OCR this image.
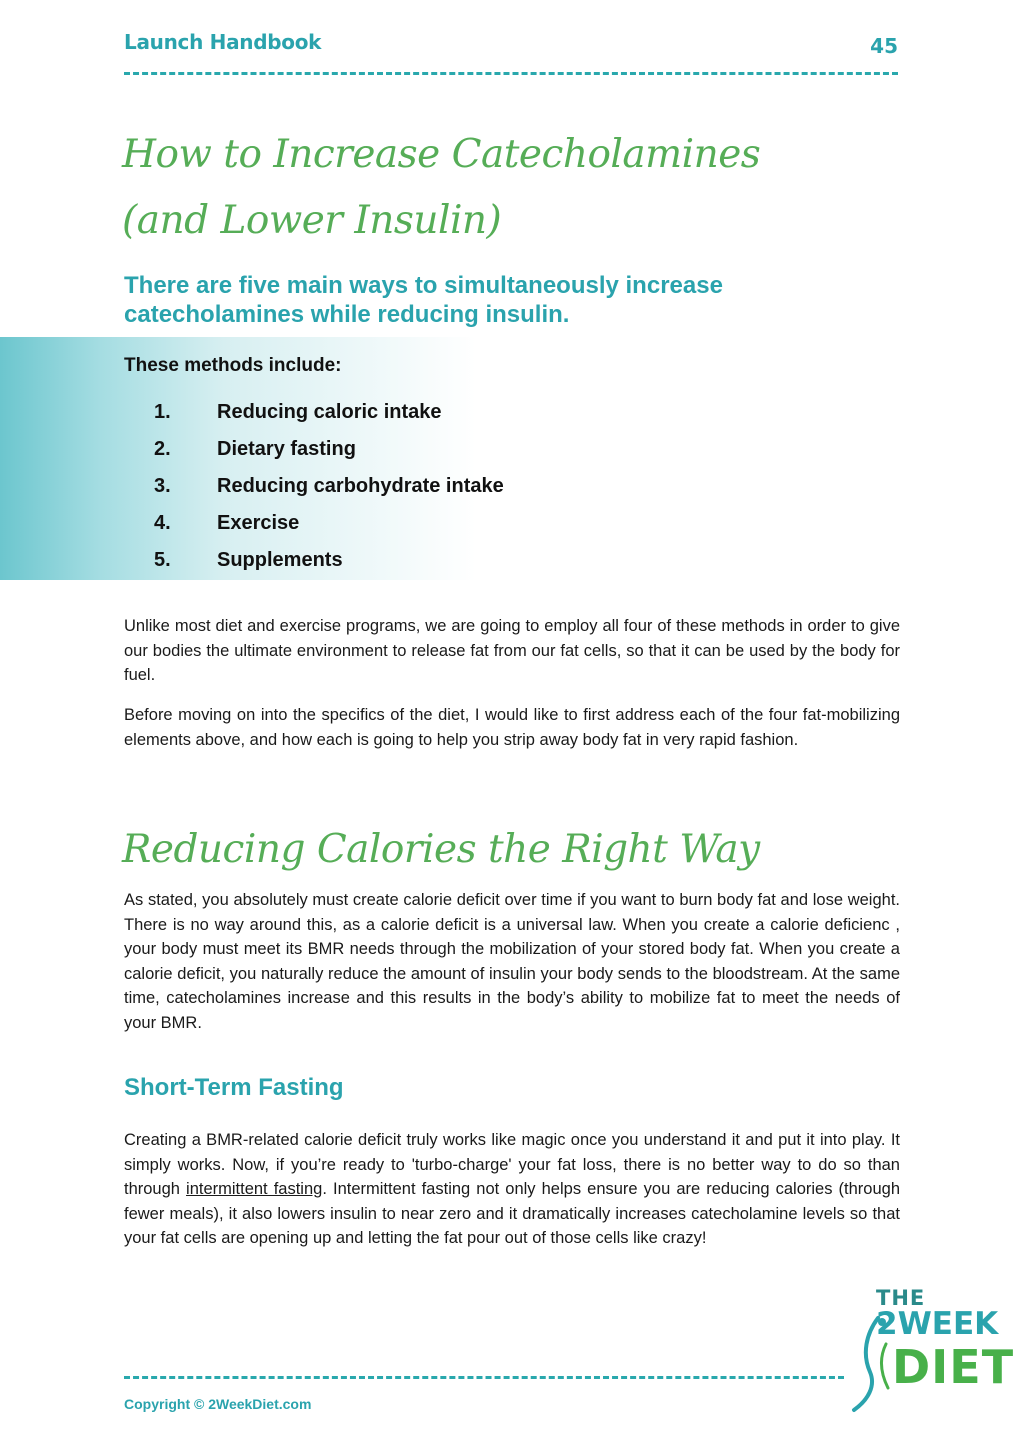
Launch Handbook	45
How to Increase Catecholamines
(and Lower Insulin)

There are five main ways to simultaneously increase catecholamines while reducing insulin.

These methods include:

1. Reducing caloric intake
2. Dietary fasting
3. Reducing carbohydrate intake
4. Exercise
5. Supplements

Unlike most diet and exercise programs, we are going to employ all four of these methods in order to give our bodies the ultimate environment to release fat from our fat cells, so that it can be used by the body for fuel.

Before moving on into the specifics of the diet, I would like to first address each of the four fat-mobilizing elements above, and how each is going to help you strip away body fat in very rapid fashion.

Reducing Calories the Right Way

As stated, you absolutely must create calorie deficit over time if you want to burn body fat and lose weight. There is no way around this, as a calorie deficit is a universal law. When you create a calorie deficienc , your body must meet its BMR needs through the mobilization of your stored body fat. When you create a calorie deficit, you naturally reduce the amount of insulin your body sends to the bloodstream. At the same time, catecholamines increase and this results in the body’s ability to mobilize fat to meet the needs of your BMR.

Short-Term Fasting

Creating a BMR-related calorie deficit truly works like magic once you understand it and put it into play. It simply works. Now, if you’re ready to 'turbo-charge' your fat loss, there is no better way to do so than through intermittent fasting. Intermittent fasting not only helps ensure you are reducing calories (through fewer meals), it also lowers insulin to near zero and it dramatically increases catecholamine levels so that your fat cells are opening up and letting the fat pour out of those cells like crazy!

Copyright © 2WeekDiet.com
THE
2WEEK
DIET
